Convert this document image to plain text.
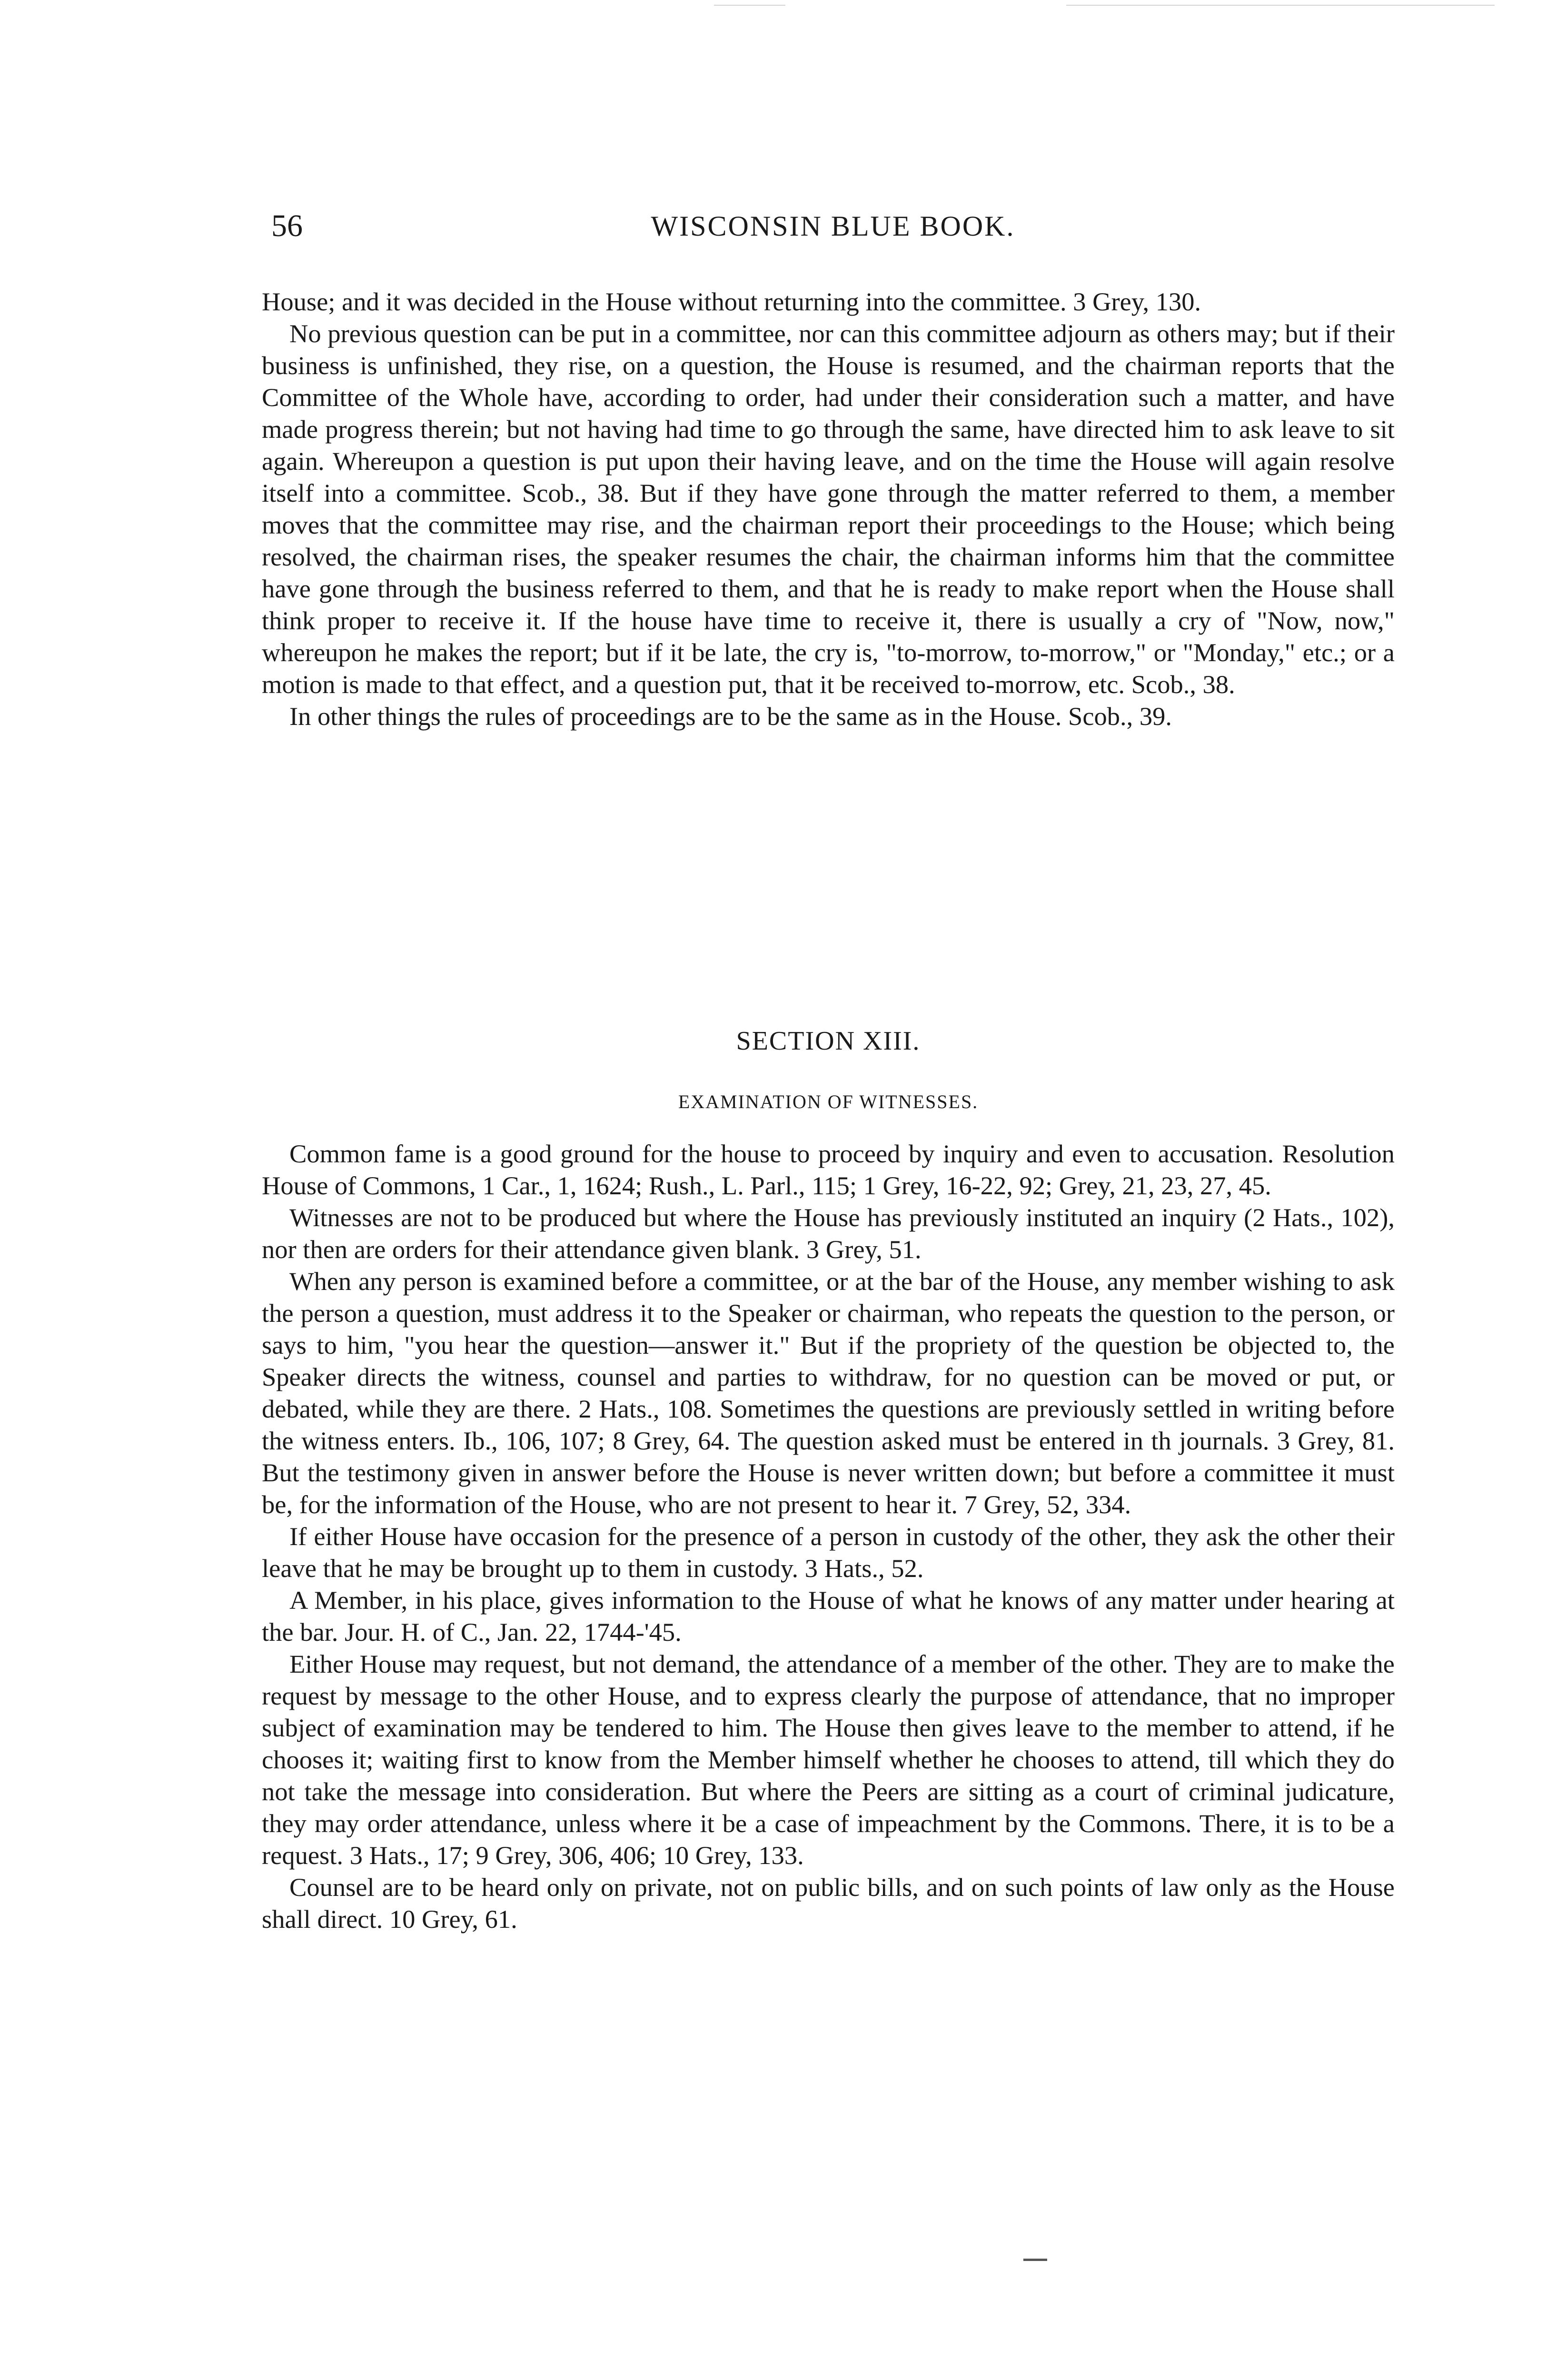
56	WISCONSIN BLUE BOOK.

House; and it was decided in the House without returning into the committee. 3 Grey, 130.

No previous question can be put in a committee, nor can this committee adjourn as others may; but if their business is unfinished, they rise, on a question, the House is resumed, and the chairman reports that the Committee of the Whole have, according to order, had under their consideration such a matter, and have made progress therein; but not having had time to go through the same, have directed him to ask leave to sit again. Whereupon a question is put upon their having leave, and on the time the House will again resolve itself into a committee. Scob., 38. But if they have gone through the matter referred to them, a member moves that the committee may rise, and the chairman report their proceedings to the House; which being resolved, the chairman rises, the speaker resumes the chair, the chairman informs him that the committee have gone through the business referred to them, and that he is ready to make report when the House shall think proper to receive it. If the house have time to receive it, there is usually a cry of "Now, now," whereupon he makes the report; but if it be late, the cry is, "to-morrow, to-morrow," or "Monday," etc.; or a motion is made to that effect, and a question put, that it be received to-morrow, etc. Scob., 38.

In other things the rules of proceedings are to be the same as in the House. Scob., 39.

SECTION XIII.
EXAMINATION OF WITNESSES.

Common fame is a good ground for the house to proceed by inquiry and even to accusation. Resolution House of Commons, 1 Car., 1, 1624; Rush., L. Parl., 115; 1 Grey, 16-22, 92; Grey, 21, 23, 27, 45.

Witnesses are not to be produced but where the House has previously instituted an inquiry (2 Hats., 102), nor then are orders for their attendance given blank. 3 Grey, 51.

When any person is examined before a committee, or at the bar of the House, any member wishing to ask the person a question, must address it to the Speaker or chairman, who repeats the question to the person, or says to him, "you hear the question—answer it." But if the propriety of the question be objected to, the Speaker directs the witness, counsel and parties to withdraw, for no question can be moved or put, or debated, while they are there. 2 Hats., 108. Sometimes the questions are previously settled in writing before the witness enters. Ib., 106, 107; 8 Grey, 64. The question asked must be entered in th journals. 3 Grey, 81. But the testimony given in answer before the House is never written down; but before a committee it must be, for the information of the House, who are not present to hear it. 7 Grey, 52, 334.

If either House have occasion for the presence of a person in custody of the other, they ask the other their leave that he may be brought up to them in custody. 3 Hats., 52.

A Member, in his place, gives information to the House of what he knows of any matter under hearing at the bar. Jour. H. of C., Jan. 22, 1744-'45.

Either House may request, but not demand, the attendance of a member of the other. They are to make the request by message to the other House, and to express clearly the purpose of attendance, that no improper subject of examination may be tendered to him. The House then gives leave to the member to attend, if he chooses it; waiting first to know from the Member himself whether he chooses to attend, till which they do not take the message into consideration. But where the Peers are sitting as a court of criminal judicature, they may order attendance, unless where it be a case of impeachment by the Commons. There, it is to be a request. 3 Hats., 17; 9 Grey, 306, 406; 10 Grey, 133.

Counsel are to be heard only on private, not on public bills, and on such points of law only as the House shall direct. 10 Grey, 61.
